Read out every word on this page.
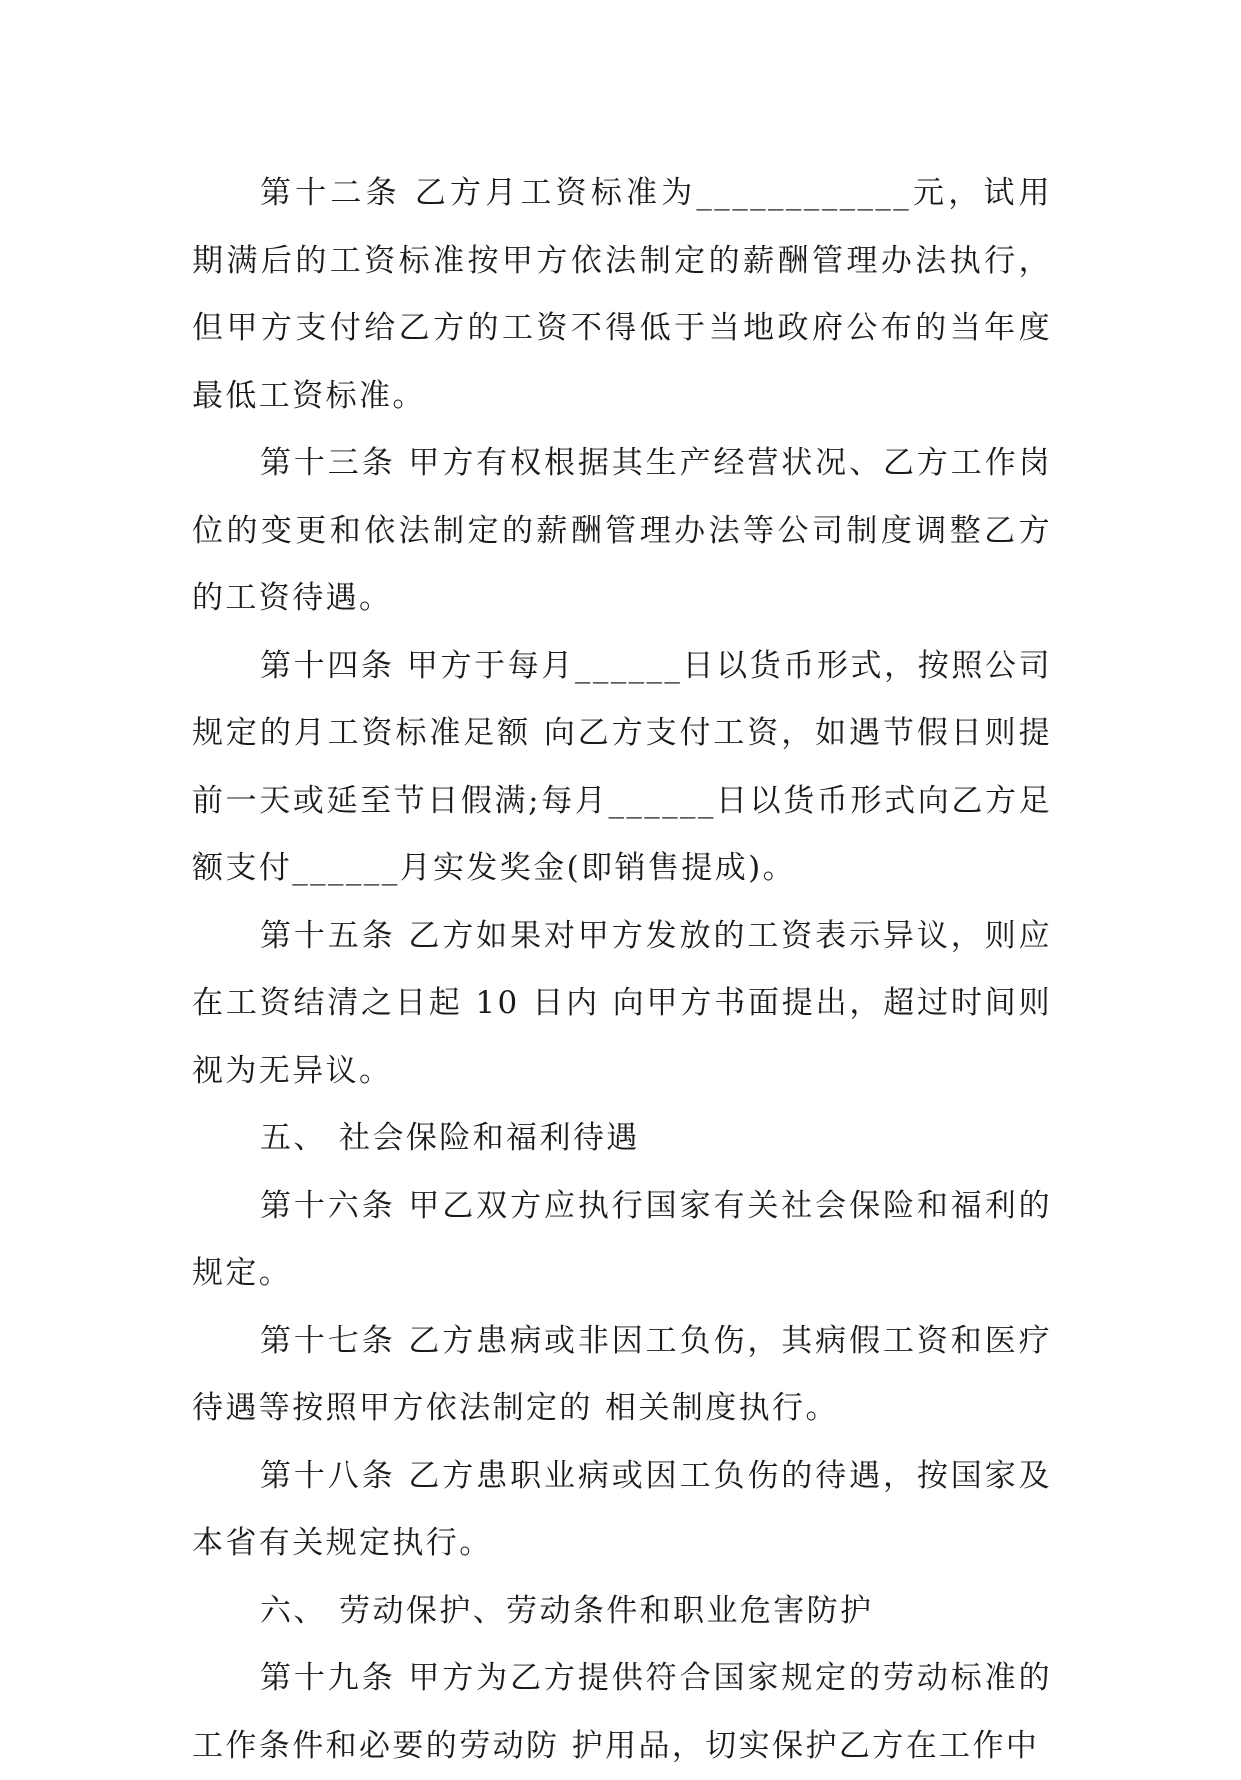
第十二条 乙方月工资标准为____________元，试用期满后的工资标准按甲方依法制定的薪酬管理办法执行，但甲方支付给乙方的工资不得低于当地政府公布的当年度最低工资标准。

第十三条 甲方有权根据其生产经营状况、乙方工作岗位的变更和依法制定的薪酬管理办法等公司制度调整乙方的工资待遇。

第十四条 甲方于每月______日以货币形式，按照公司规定的月工资标准足额 向乙方支付工资，如遇节假日则提前一天或延至节日假满;每月______日以货币形式向乙方足额支付______月实发奖金(即销售提成)。

第十五条 乙方如果对甲方发放的工资表示异议，则应在工资结清之日起 10 日内 向甲方书面提出，超过时间则视为无异议。

五、 社会保险和福利待遇

第十六条 甲乙双方应执行国家有关社会保险和福利的规定。

第十七条 乙方患病或非因工负伤，其病假工资和医疗待遇等按照甲方依法制定的 相关制度执行。

第十八条 乙方患职业病或因工负伤的待遇，按国家及本省有关规定执行。

六、 劳动保护、劳动条件和职业危害防护

第十九条 甲方为乙方提供符合国家规定的劳动标准的工作条件和必要的劳动防 护用品，切实保护乙方在工作中
